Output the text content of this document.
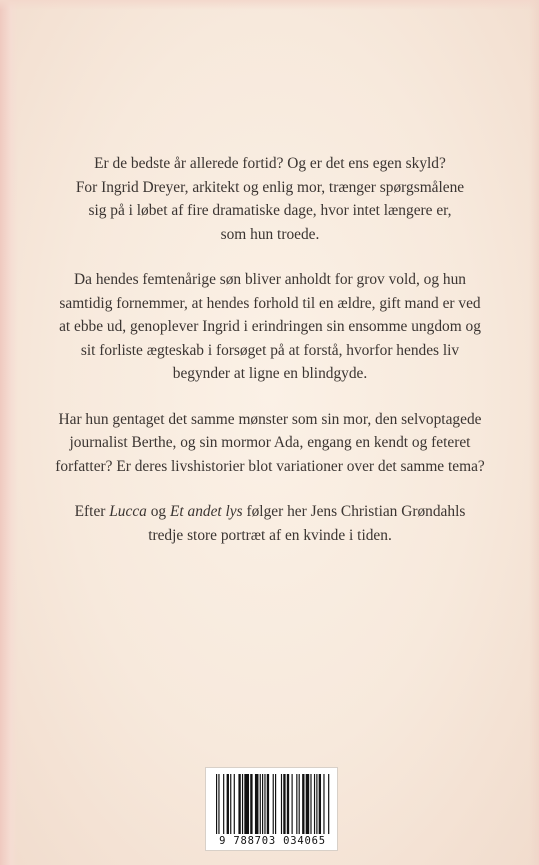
Er de bedste år allerede fortid? Og er det ens egen skyld?
For Ingrid Dreyer, arkitekt og enlig mor, trænger spørgsmålene
sig på i løbet af fire dramatiske dage, hvor intet længere er,
som hun troede.

Da hendes femtenårige søn bliver anholdt for grov vold, og hun
samtidig fornemmer, at hendes forhold til en ældre, gift mand er ved
at ebbe ud, genoplever Ingrid i erindringen sin ensomme ungdom og
sit forliste ægteskab i forsøget på at forstå, hvorfor hendes liv
begynder at ligne en blindgyde.

Har hun gentaget det samme mønster som sin mor, den selvoptagede
journalist Berthe, og sin mormor Ada, engang en kendt og feteret
forfatter? Er deres livshistorier blot variationer over det samme tema?

Efter Lucca og Et andet lys følger her Jens Christian Grøndahls
tredje store portræt af en kvinde i tiden.

9 788703 034065
